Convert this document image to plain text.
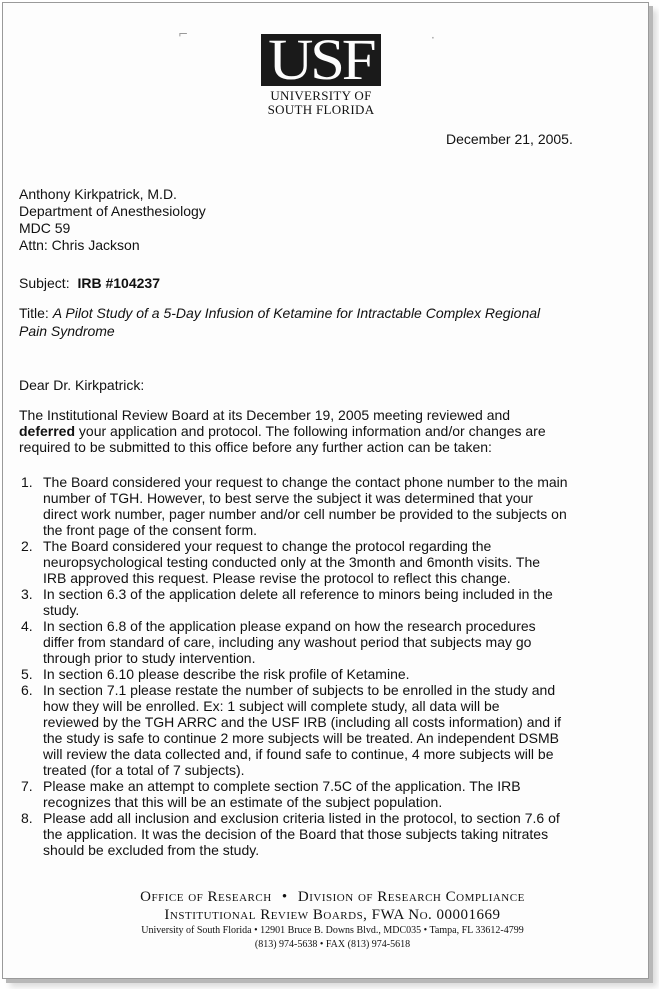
⌐	·
USF
UNIVERSITY OF
SOUTH FLORIDA
December 21, 2005.
Anthony Kirkpatrick, M.D.
Department of Anesthesiology
MDC 59
Attn: Chris Jackson
Subject: IRB #104237
Title: A Pilot Study of a 5-Day Infusion of Ketamine for Intractable Complex Regional
Pain Syndrome
Dear Dr. Kirkpatrick:
The Institutional Review Board at its December 19, 2005 meeting reviewed and
deferred your application and protocol. The following information and/or changes are
required to be submitted to this office before any further action can be taken:
1. The Board considered your request to change the contact phone number to the main
number of TGH. However, to best serve the subject it was determined that your
direct work number, pager number and/or cell number be provided to the subjects on
the front page of the consent form.
2. The Board considered your request to change the protocol regarding the
neuropsychological testing conducted only at the 3month and 6month visits. The
IRB approved this request. Please revise the protocol to reflect this change.
3. In section 6.3 of the application delete all reference to minors being included in the
study.
4. In section 6.8 of the application please expand on how the research procedures
differ from standard of care, including any washout period that subjects may go
through prior to study intervention.
5. In section 6.10 please describe the risk profile of Ketamine.
6. In section 7.1 please restate the number of subjects to be enrolled in the study and
how they will be enrolled. Ex: 1 subject will complete study, all data will be
reviewed by the TGH ARRC and the USF IRB (including all costs information) and if
the study is safe to continue 2 more subjects will be treated. An independent DSMB
will review the data collected and, if found safe to continue, 4 more subjects will be
treated (for a total of 7 subjects).
7. Please make an attempt to complete section 7.5C of the application. The IRB
recognizes that this will be an estimate of the subject population.
8. Please add all inclusion and exclusion criteria listed in the protocol, to section 7.6 of
the application. It was the decision of the Board that those subjects taking nitrates
should be excluded from the study.
Office of Research • Division of Research Compliance
Institutional Review Boards, FWA No. 00001669
University of South Florida • 12901 Bruce B. Downs Blvd., MDC035 • Tampa, FL 33612-4799
(813) 974-5638 • FAX (813) 974-5618
